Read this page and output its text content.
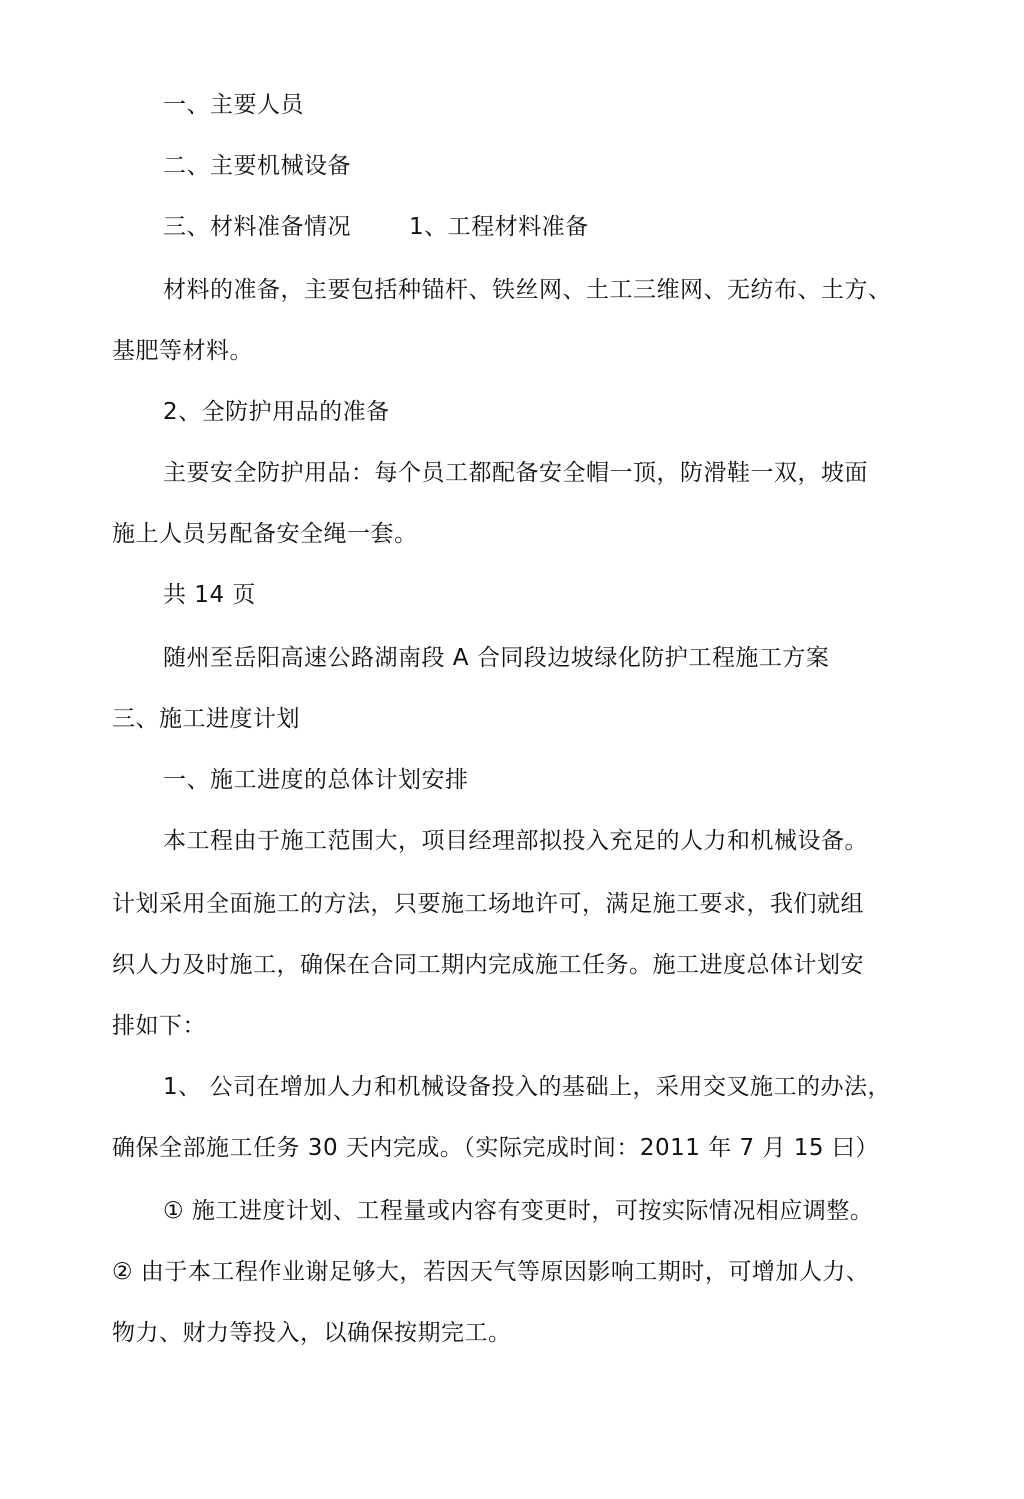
一、主要人员
二、主要机械设备
三、材料准备情况	1、工程材料准备
材料的准备，主要包括种锚杆、铁丝网、土工三维网、无纺布、土方、
基肥等材料。
2、全防护用品的准备
主要安全防护用品：每个员工都配备安全帽一顶，防滑鞋一双，坡面
施上人员另配备安全绳一套。
共 14 页
随州至岳阳高速公路湖南段 A 合同段边坡绿化防护工程施工方案
三、施工进度计划
一、施工进度的总体计划安排
本工程由于施工范围大，项目经理部拟投入充足的人力和机械设备。
计划采用全面施工的方法，只要施工场地许可，满足施工要求，我们就组
织人力及时施工，确保在合同工期内完成施工任务。施工进度总体计划安
排如下：
1、 公司在增加人力和机械设备投入的基础上，采用交叉施工的办法，
确保全部施工任务 30 天内完成。（实际完成时间：2011 年 7 月 15 曰）
① 施工进度计划、工程量或内容有变更时，可按实际情况相应调整。
② 由于本工程作业谢足够大，若因天气等原因影响工期时，可增加人力、
物力、财力等投入，以确保按期完工。
